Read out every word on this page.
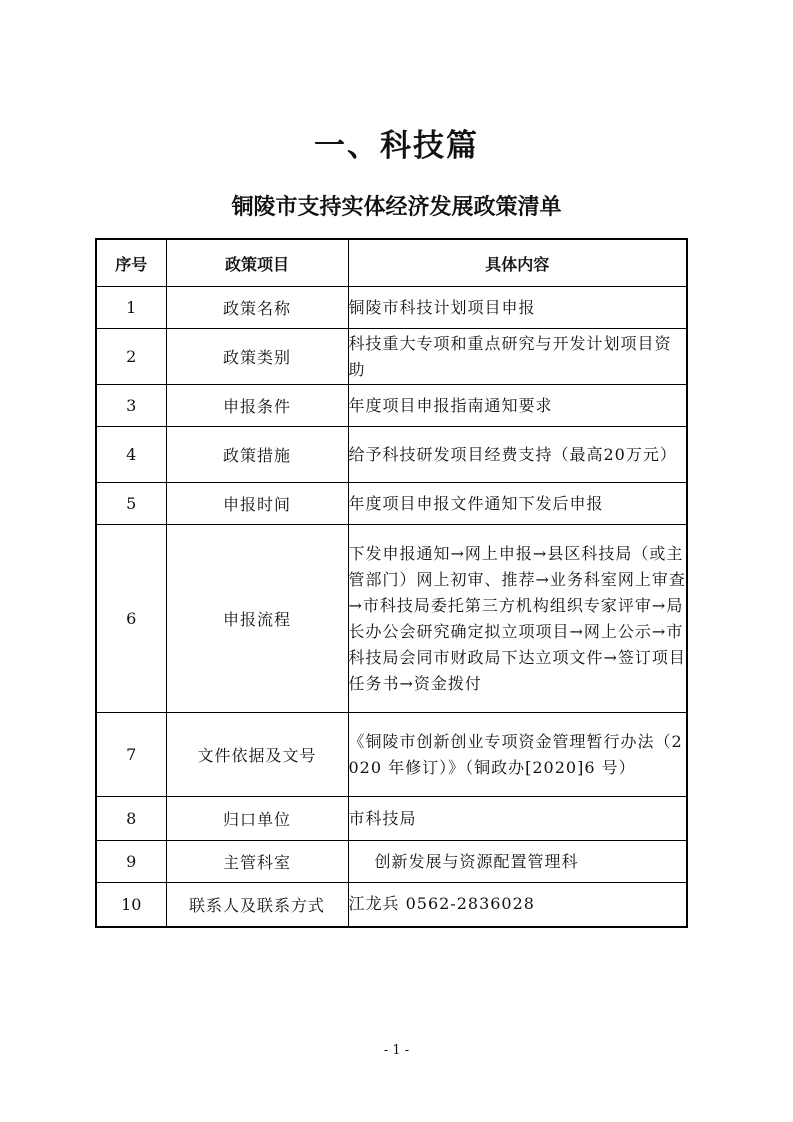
一、科技篇
铜陵市支持实体经济发展政策清单
序号	政策项目	具体内容
1	政策名称	铜陵市科技计划项目申报
2	政策类别	科技重大专项和重点研究与开发计划项目资助
3	申报条件	年度项目申报指南通知要求
4	政策措施	给予科技研发项目经费支持（最高20万元）
5	申报时间	年度项目申报文件通知下发后申报
6	申报流程	下发申报通知→网上申报→县区科技局（或主管部门）网上初审、推荐→业务科室网上审查→市科技局委托第三方机构组织专家评审→局长办公会研究确定拟立项项目→网上公示→市科技局会同市财政局下达立项文件→签订项目任务书→资金拨付
7	文件依据及文号	《铜陵市创新创业专项资金管理暂行办法（2020 年修订）》（铜政办[2020]6 号）
8	归口单位	市科技局
9	主管科室	创新发展与资源配置管理科
10	联系人及联系方式	江龙兵 0562-2836028
- 1 -
